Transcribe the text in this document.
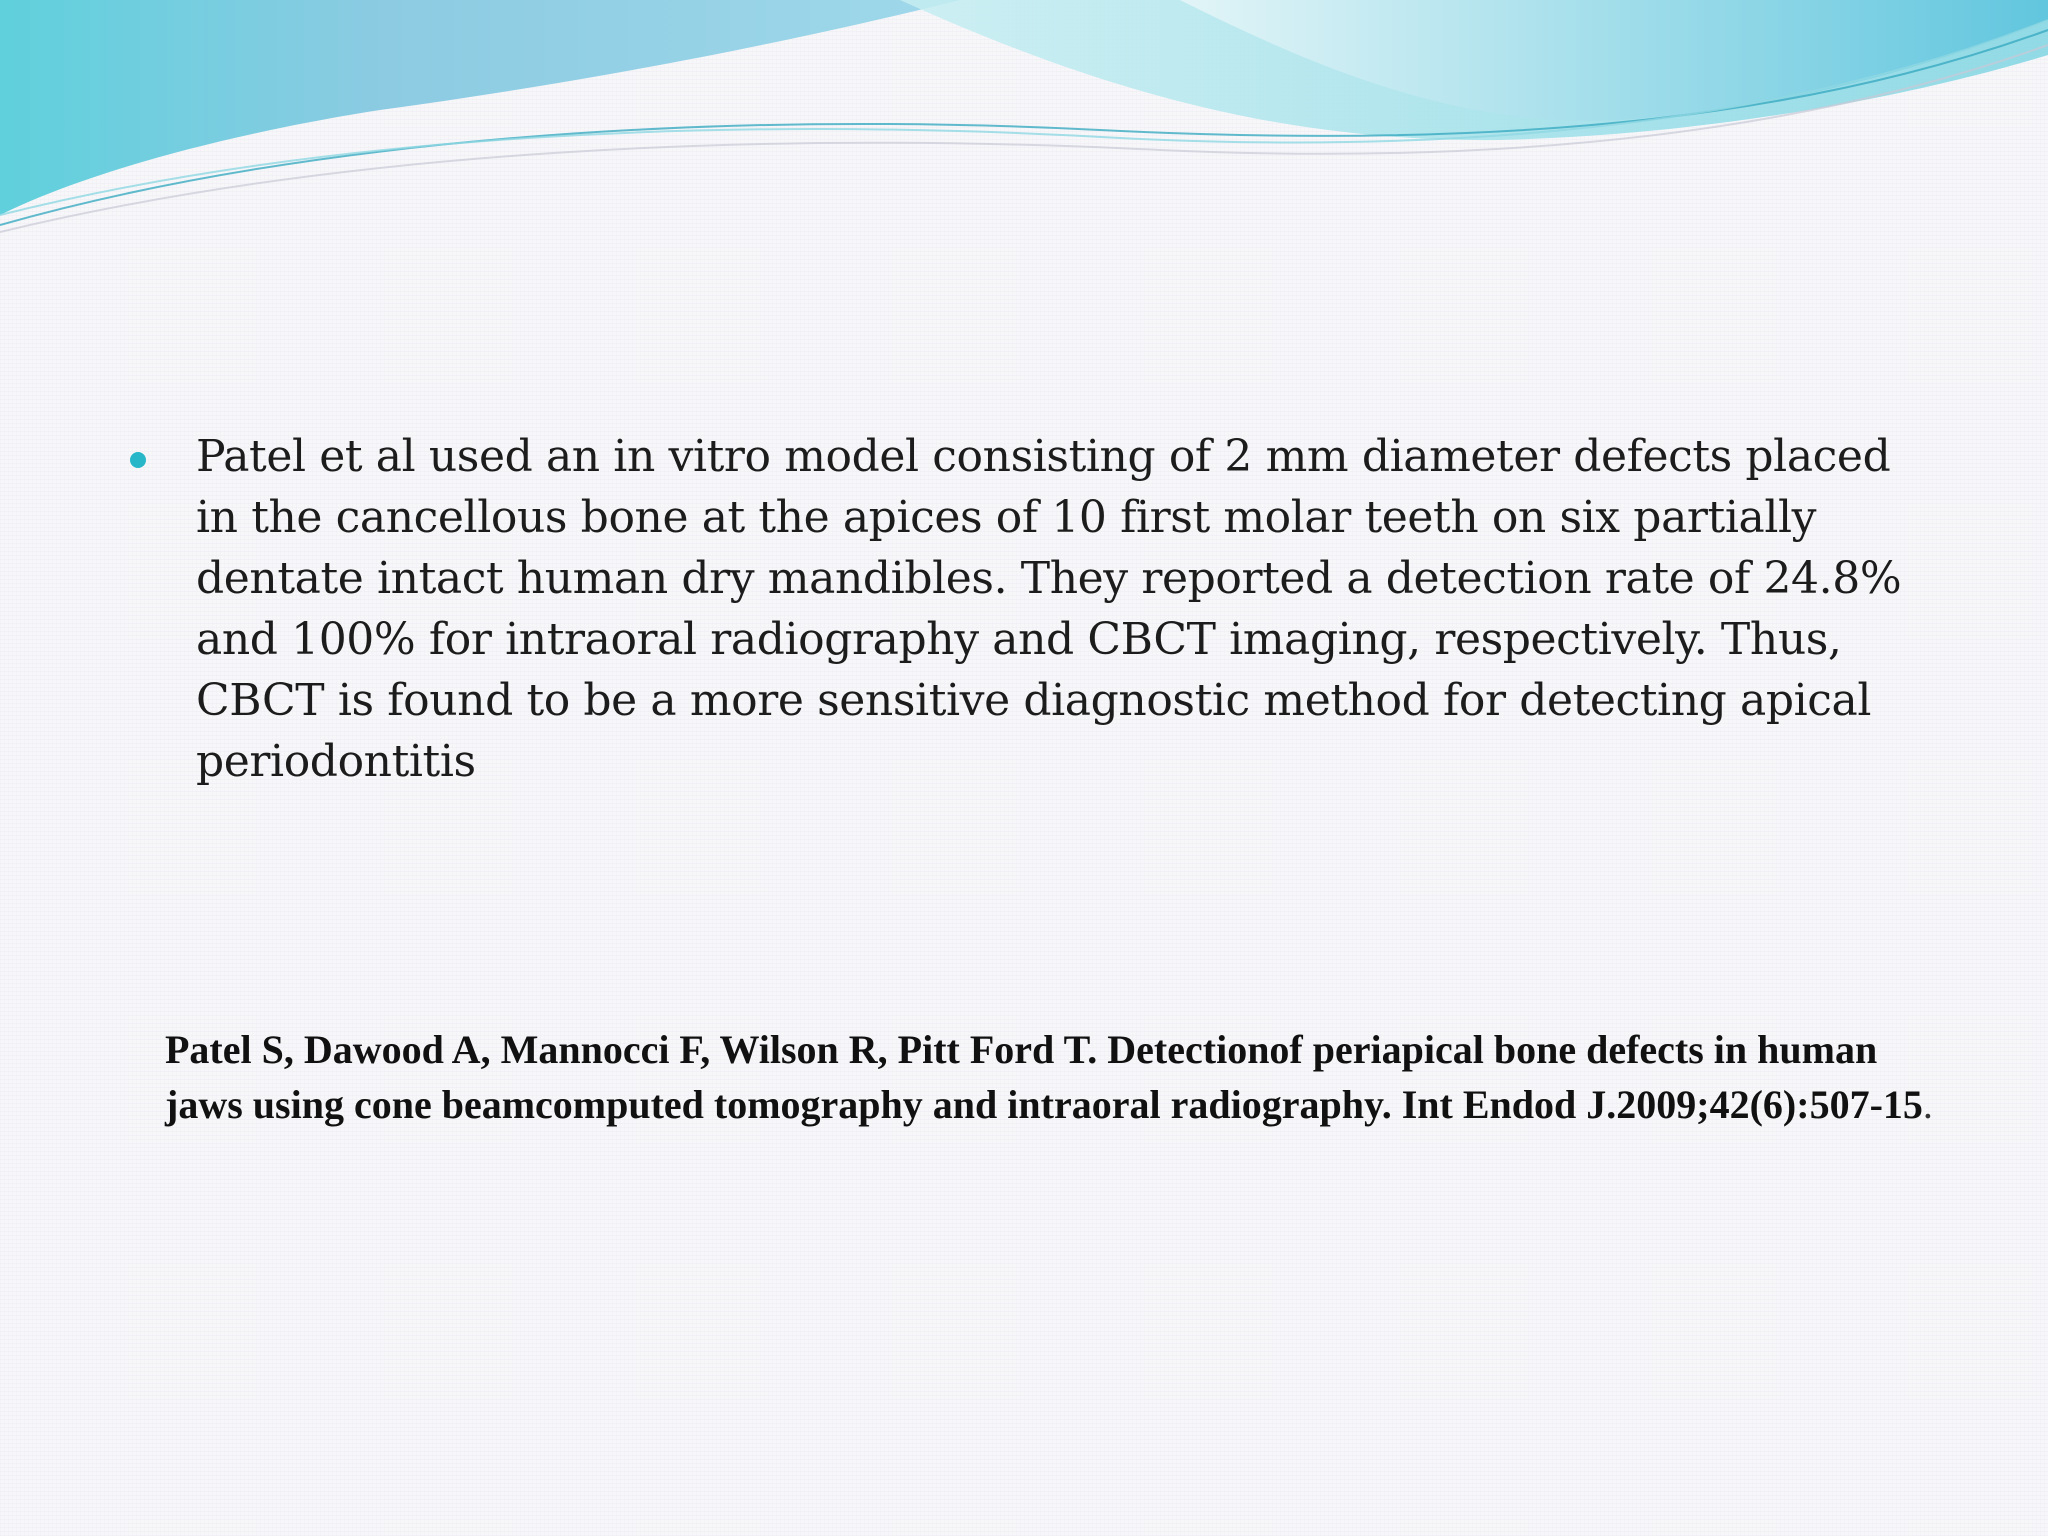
Patel et al used an in vitro model consisting of 2 mm diameter defects placed in the cancellous bone at the apices of 10 first molar teeth on six partially dentate intact human dry mandibles. They reported a detection rate of 24.8% and 100% for intraoral radiography and CBCT imaging, respectively. Thus, CBCT is found to be a more sensitive diagnostic method for detecting apical periodontitis
Patel S, Dawood A, Mannocci F, Wilson R, Pitt Ford T. Detectionof periapical bone defects in human jaws using cone beamcomputed tomography and intraoral radiography. Int Endod J.2009;42(6):507-15.
